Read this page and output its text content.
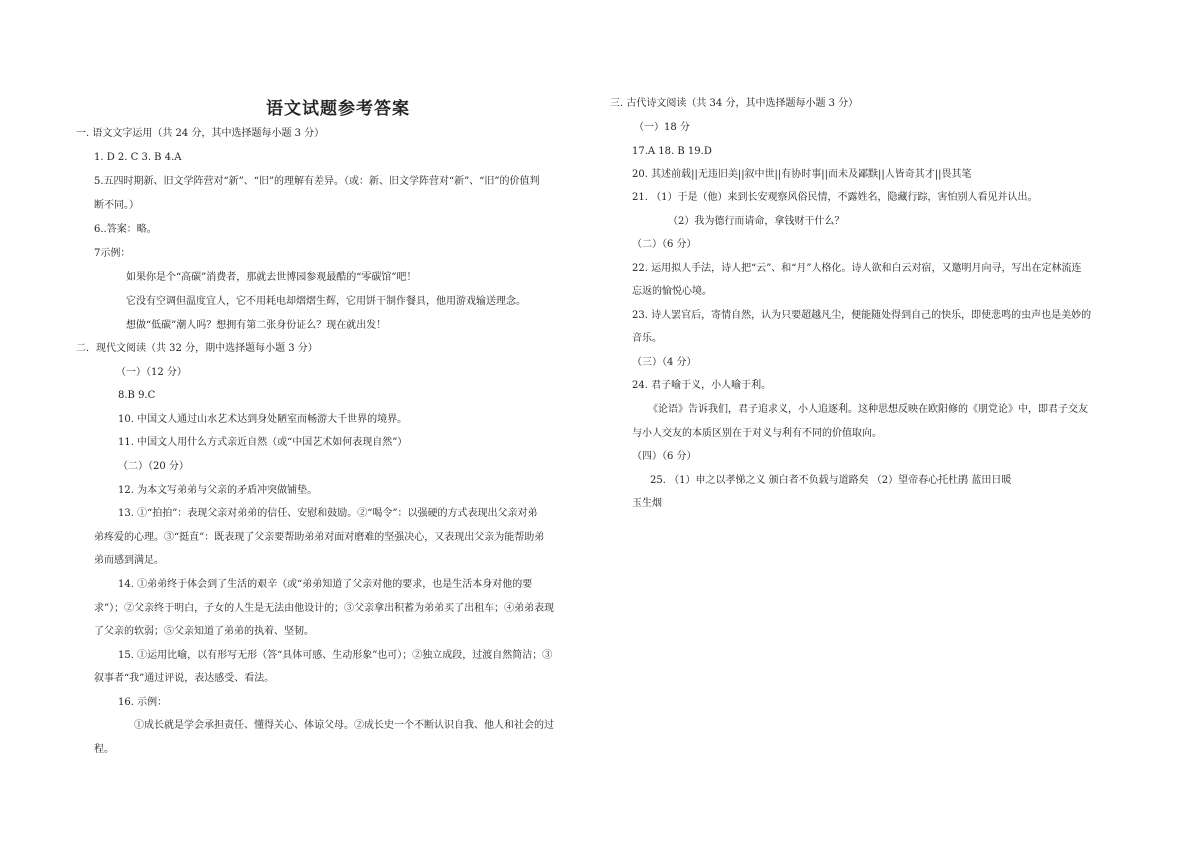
语文试题参考答案
一. 语文文字运用（共 24 分，其中选择题每小题 3 分）
1. D 2. C 3. B 4.A
5.五四时期新、旧文学阵营对“新”、“旧”的理解有差异。（或：新、旧文学阵营对“新”、“旧”的价值判
断不同。）
6..答案：略。
7示例：
如果你是个“高碳”消费者，那就去世博园参观最酷的“零碳馆”吧！
它没有空调但温度宜人，它不用耗电却熠熠生辉，它用饼干制作餐具，他用游戏输送理念。
想做“低碳”潮人吗？想拥有第二张身份证么？现在就出发！
二．现代文阅读（共 32 分，期中选择题每小题 3 分）
（一）（12 分）
8.B 9.C
10. 中国文人通过山水艺术达到身处陋室而畅游大千世界的境界。
11. 中国文人用什么方式亲近自然（或“中国艺术如何表现自然”）
（二）（20 分）
12. 为本文写弟弟与父亲的矛盾冲突做铺垫。
13. ①“拍拍”：表现父亲对弟弟的信任、安慰和鼓励。②“喝令”：以强硬的方式表现出父亲对弟
弟疼爱的心理。③“挺直”：既表现了父亲要帮助弟弟对面对磨难的坚强决心，又表现出父亲为能帮助弟
弟而感到满足。
14. ①弟弟终于体会到了生活的艰辛（或“弟弟知道了父亲对他的要求，也是生活本身对他的要
求”）；②父亲终于明白，子女的人生是无法由他设计的；③父亲拿出积蓄为弟弟买了出租车；④弟弟表现
了父亲的软弱；⑤父亲知道了弟弟的执着、坚韧。
15. ①运用比喻，以有形写无形（答“具体可感、生动形象”也可）；②独立成段，过渡自然简洁；③
叙事者“我”通过评说，表达感受、看法。
16. 示例：
①成长就是学会承担责任、懂得关心、体谅父母。②成长史一个不断认识自我、他人和社会的过
程。
三. 古代诗文阅读（共 34 分，其中选择题每小题 3 分）
（一）18 分
17.A 18. B 19.D
20. 其述前载||无违旧美||叙中世||有协时事||而未及鄙黩||人皆奇其才||畏其笔
21. （1）于是（他）来到长安观察风俗民情，不露姓名，隐藏行踪，害怕别人看见并认出。
（2）我为德行而请命，拿钱财干什么？
（二）（6 分）
22. 运用拟人手法，诗人把“云”、和“月”人格化。诗人欲和白云对宿，又邀明月向寻，写出在定林流连
忘返的愉悦心境。
23. 诗人罢官后，寄情自然，认为只要超越凡尘，便能随处得到自己的快乐，即使悲鸣的虫声也是美妙的
音乐。
（三）（4 分）
24. 君子喻于义，小人喻于利。
《论语》告诉我们，君子追求义，小人追逐利。这种思想反映在欧阳修的《朋党论》中，即君子交友
与小人交友的本质区别在于对义与利有不同的价值取向。
（四）（6 分）
25. （1）申之以孝悌之义 颁白者不负载与道路矣 （2）望帝春心托杜鹃 蓝田日暖
玉生烟
